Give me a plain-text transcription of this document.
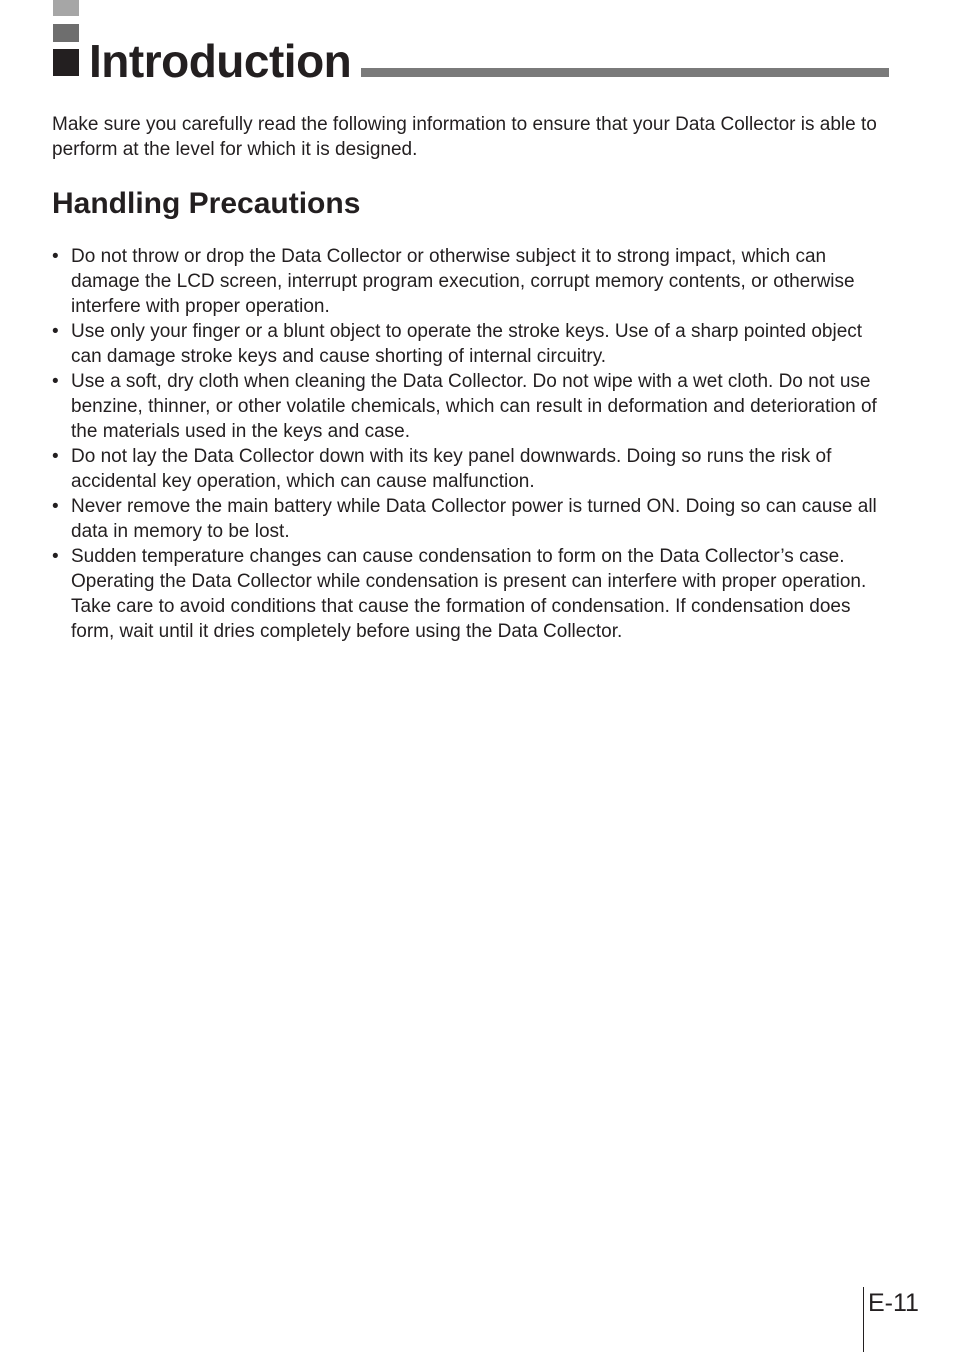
Introduction

Make sure you carefully read the following information to ensure that your Data Collector is able to perform at the level for which it is designed.

Handling Precautions
• Do not throw or drop the Data Collector or otherwise subject it to strong impact, which can damage the LCD screen, interrupt program execution, corrupt memory contents, or otherwise interfere with proper operation.
• Use only your finger or a blunt object to operate the stroke keys. Use of a sharp pointed object can damage stroke keys and cause shorting of internal circuitry.
• Use a soft, dry cloth when cleaning the Data Collector. Do not wipe with a wet cloth. Do not use benzine, thinner, or other volatile chemicals, which can result in deformation and deterioration of the materials used in the keys and case.
• Do not lay the Data Collector down with its key panel downwards. Doing so runs the risk of accidental key operation, which can cause malfunction.
• Never remove the main battery while Data Collector power is turned ON. Doing so can cause all data in memory to be lost.
• Sudden temperature changes can cause condensation to form on the Data Collector’s case. Operating the Data Collector while condensation is present can interfere with proper operation. Take care to avoid conditions that cause the formation of condensation. If condensation does form, wait until it dries completely before using the Data Collector.

E-11
